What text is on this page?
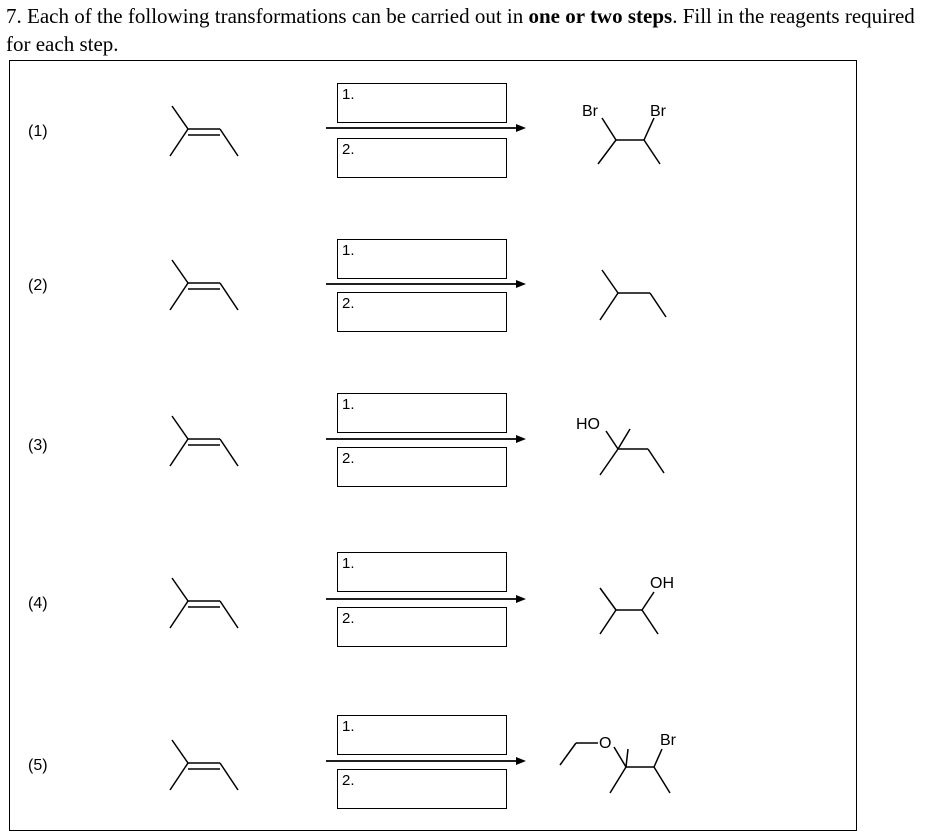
7. Each of the following transformations can be carried out in one or two steps. Fill in the reagents required for each step.
(1)
1.
2.
Br	Br
(2)
1.
2.
(3)
1.
2.
HO
(4)
1.
2.
OH
(5)
1.
2.
O	Br
